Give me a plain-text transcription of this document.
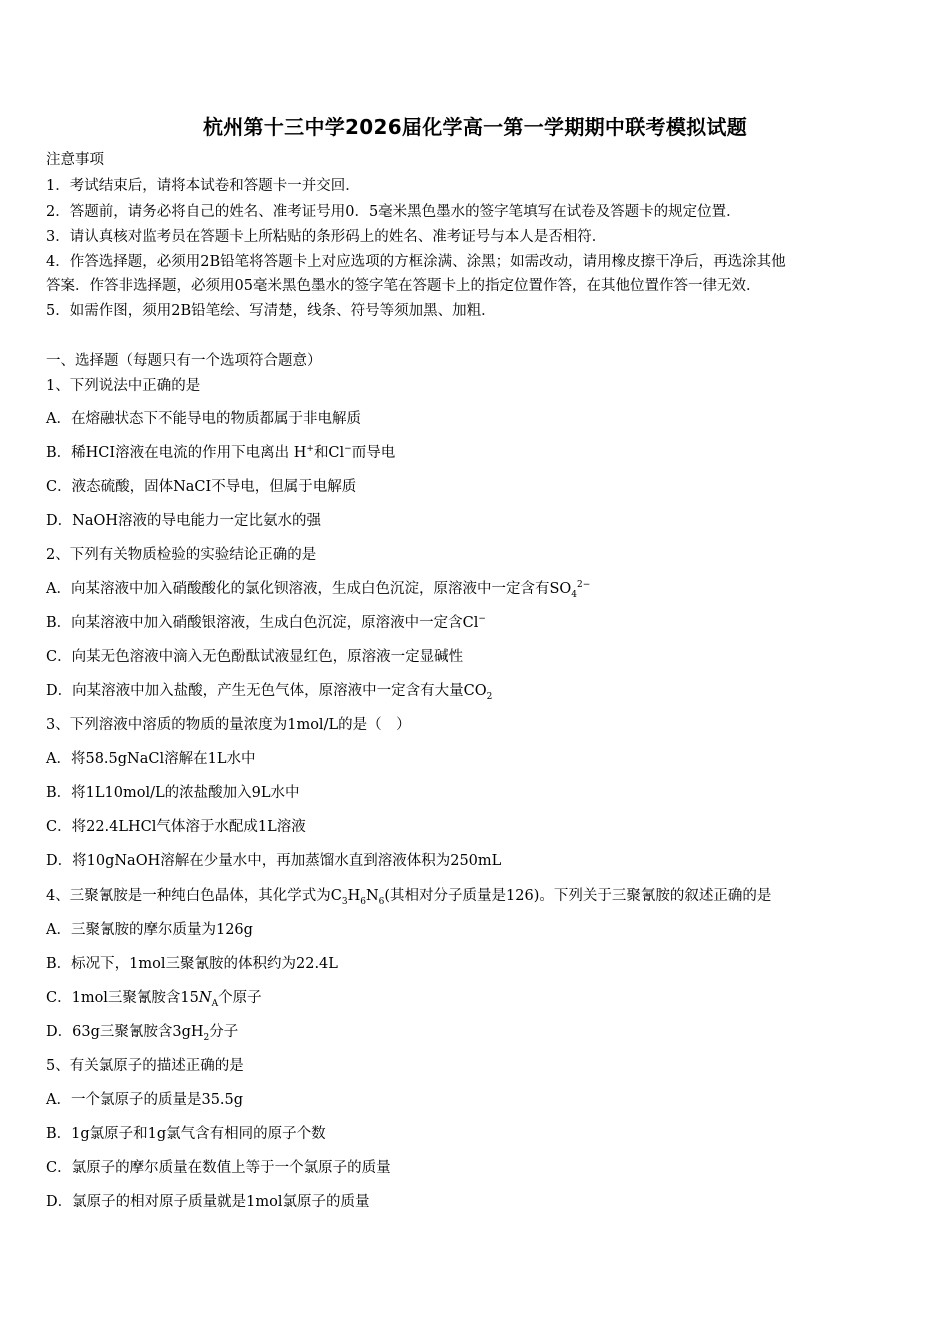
杭州第十三中学2026届化学高一第一学期期中联考模拟试题
注意事项
1．考试结束后，请将本试卷和答题卡一并交回．
2．答题前，请务必将自己的姓名、准考证号用0．5毫米黑色墨水的签字笔填写在试卷及答题卡的规定位置．
3．请认真核对监考员在答题卡上所粘贴的条形码上的姓名、准考证号与本人是否相符．
4．作答选择题，必须用2B铅笔将答题卡上对应选项的方框涂满、涂黑；如需改动，请用橡皮擦干净后，再选涂其他
答案．作答非选择题，必须用05毫米黑色墨水的签字笔在答题卡上的指定位置作答，在其他位置作答一律无效．
5．如需作图，须用2B铅笔绘、写清楚，线条、符号等须加黑、加粗．
一、选择题（每题只有一个选项符合题意）
1、下列说法中正确的是
A．在熔融状态下不能导电的物质都属于非电解质
B．稀HCI溶液在电流的作用下电离出 H+和Cl−而导电
C．液态硫酸，固体NaCI不导电，但属于电解质
D．NaOH溶液的导电能力一定比氨水的强
2、下列有关物质检验的实验结论正确的是
A．向某溶液中加入硝酸酸化的氯化钡溶液，生成白色沉淀，原溶液中一定含有$SO_4^{2-}$
B．向某溶液中加入硝酸银溶液，生成白色沉淀，原溶液中一定含Cl−
C．向某无色溶液中滴入无色酚酞试液显红色，原溶液一定显碱性
D．向某溶液中加入盐酸，产生无色气体，原溶液中一定含有大量$CO_2$
3、下列溶液中溶质的物质的量浓度为1mol/L的是（　）
A．将58.5gNaCl溶解在1L水中
B．将1L10mol/L的浓盐酸加入9L水中
C．将22.4LHCl气体溶于水配成1L溶液
D．将10gNaOH溶解在少量水中，再加蒸馏水直到溶液体积为250mL
4、三聚氰胺是一种纯白色晶体，其化学式为$C_3H_6N_6$(其相对分子质量是126)。下列关于三聚氰胺的叙述正确的是
A．三聚氰胺的摩尔质量为126g
B．标况下，1mol三聚氰胺的体积约为22.4L
C．1mol三聚氰胺含$15N_A$个原子
D．63g三聚氰胺含$3gH_2$分子
5、有关氯原子的描述正确的是
A．一个氯原子的质量是35.5g
B．1g氯原子和1g氯气含有相同的原子个数
C．氯原子的摩尔质量在数值上等于一个氯原子的质量
D．氯原子的相对原子质量就是1mol氯原子的质量
